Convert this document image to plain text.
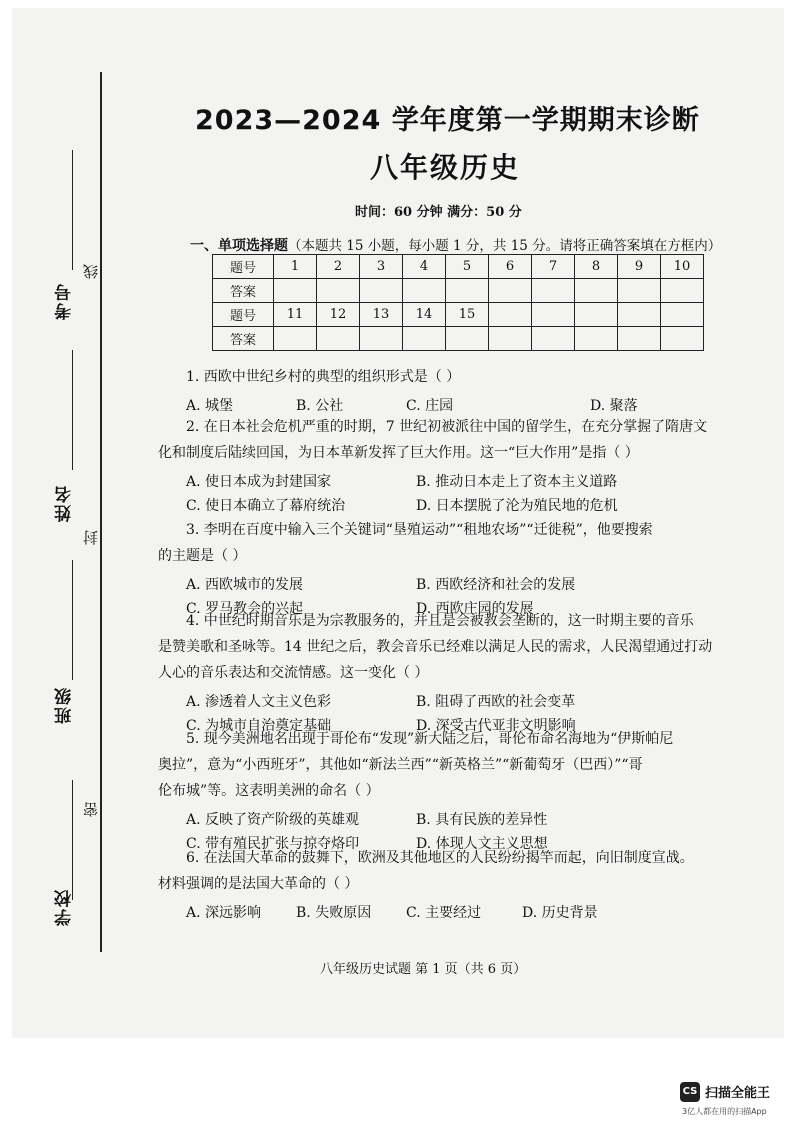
考号
线
姓名
封
班级
密
学校
2023—2024 学年度第一学期期末诊断
八年级历史
时间：60 分钟 满分：50 分
一、单项选择题（本题共 15 小题，每小题 1 分，共 15 分。请将正确答案填在方框内）
题号	1	2	3	4	5	6	7	8	9	10
答案										
题号	11	12	13	14	15					
答案										
1. 西欧中世纪乡村的典型的组织形式是（ ）
A. 城堡	B. 公社	C. 庄园	D. 聚落
2. 在日本社会危机严重的时期，7 世纪初被派往中国的留学生，在充分掌握了隋唐文
化和制度后陆续回国，为日本革新发挥了巨大作用。这一“巨大作用”是指（ ）
A. 使日本成为封建国家	B. 推动日本走上了资本主义道路
C. 使日本确立了幕府统治	D. 日本摆脱了沦为殖民地的危机
3. 李明在百度中输入三个关键词“垦殖运动”“租地农场”“迁徙税”，他要搜索
的主题是（ ）
A. 西欧城市的发展	B. 西欧经济和社会的发展
C. 罗马教会的兴起	D. 西欧庄园的发展
4. 中世纪时期音乐是为宗教服务的，并且是会被教会垄断的，这一时期主要的音乐
是赞美歌和圣咏等。14 世纪之后，教会音乐已经难以满足人民的需求，人民渴望通过打动
人心的音乐表达和交流情感。这一变化（ ）
A. 渗透着人文主义色彩	B. 阻碍了西欧的社会变革
C. 为城市自治奠定基础	D. 深受古代亚非文明影响
5. 现今美洲地名出现于哥伦布“发现”新大陆之后，哥伦布命名海地为“伊斯帕尼
奥拉”，意为“小西班牙”，其他如“新法兰西”“新英格兰”“新葡萄牙（巴西）”“哥
伦布城”等。这表明美洲的命名（ ）
A. 反映了资产阶级的英雄观	B. 具有民族的差异性
C. 带有殖民扩张与掠夺烙印	D. 体现人文主义思想
6. 在法国大革命的鼓舞下，欧洲及其他地区的人民纷纷揭竿而起，向旧制度宣战。
材料强调的是法国大革命的（ ）
A. 深远影响 B. 失败原因 C. 主要经过	D. 历史背景
八年级历史试题 第 1 页（共 6 页）
CS 扫描全能王
3亿人都在用的扫描App
